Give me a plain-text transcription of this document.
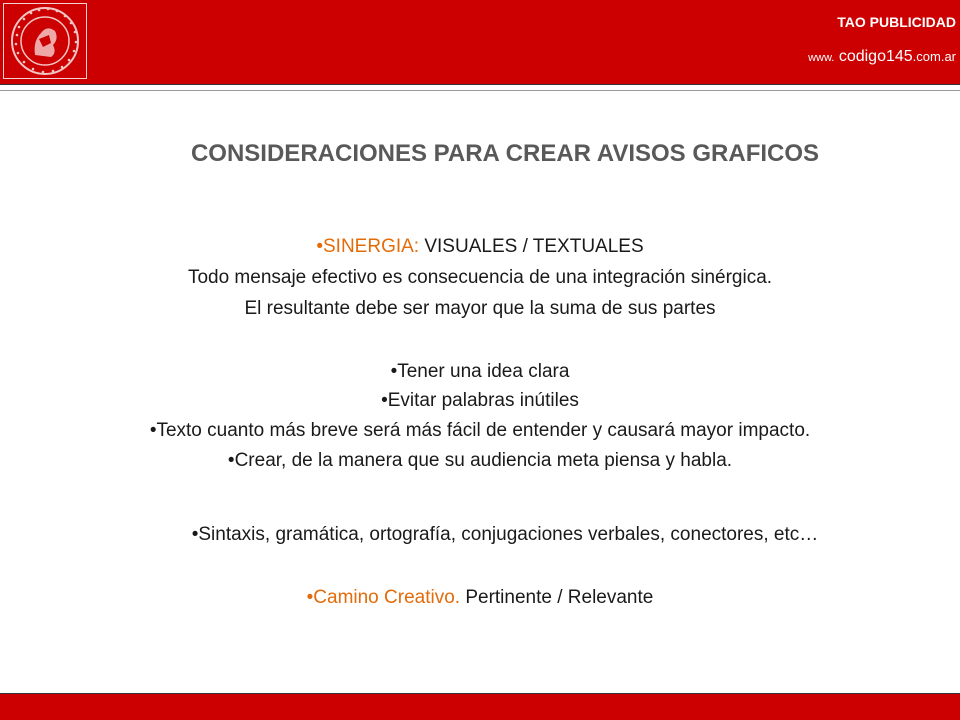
TAO PUBLICIDAD
www. codigo145.com.ar
CONSIDERACIONES PARA CREAR AVISOS GRAFICOS
•SINERGIA: VISUALES / TEXTUALES
Todo mensaje efectivo es consecuencia de una integración sinérgica.
El resultante debe ser mayor que la suma de sus partes
•Tener una idea clara
•Evitar palabras inútiles
•Texto cuanto más breve será más fácil de entender y causará mayor impacto.
•Crear, de la manera que su audiencia meta piensa y habla.
•Sintaxis, gramática, ortografía, conjugaciones verbales, conectores, etc…
•Camino Creativo. Pertinente / Relevante
